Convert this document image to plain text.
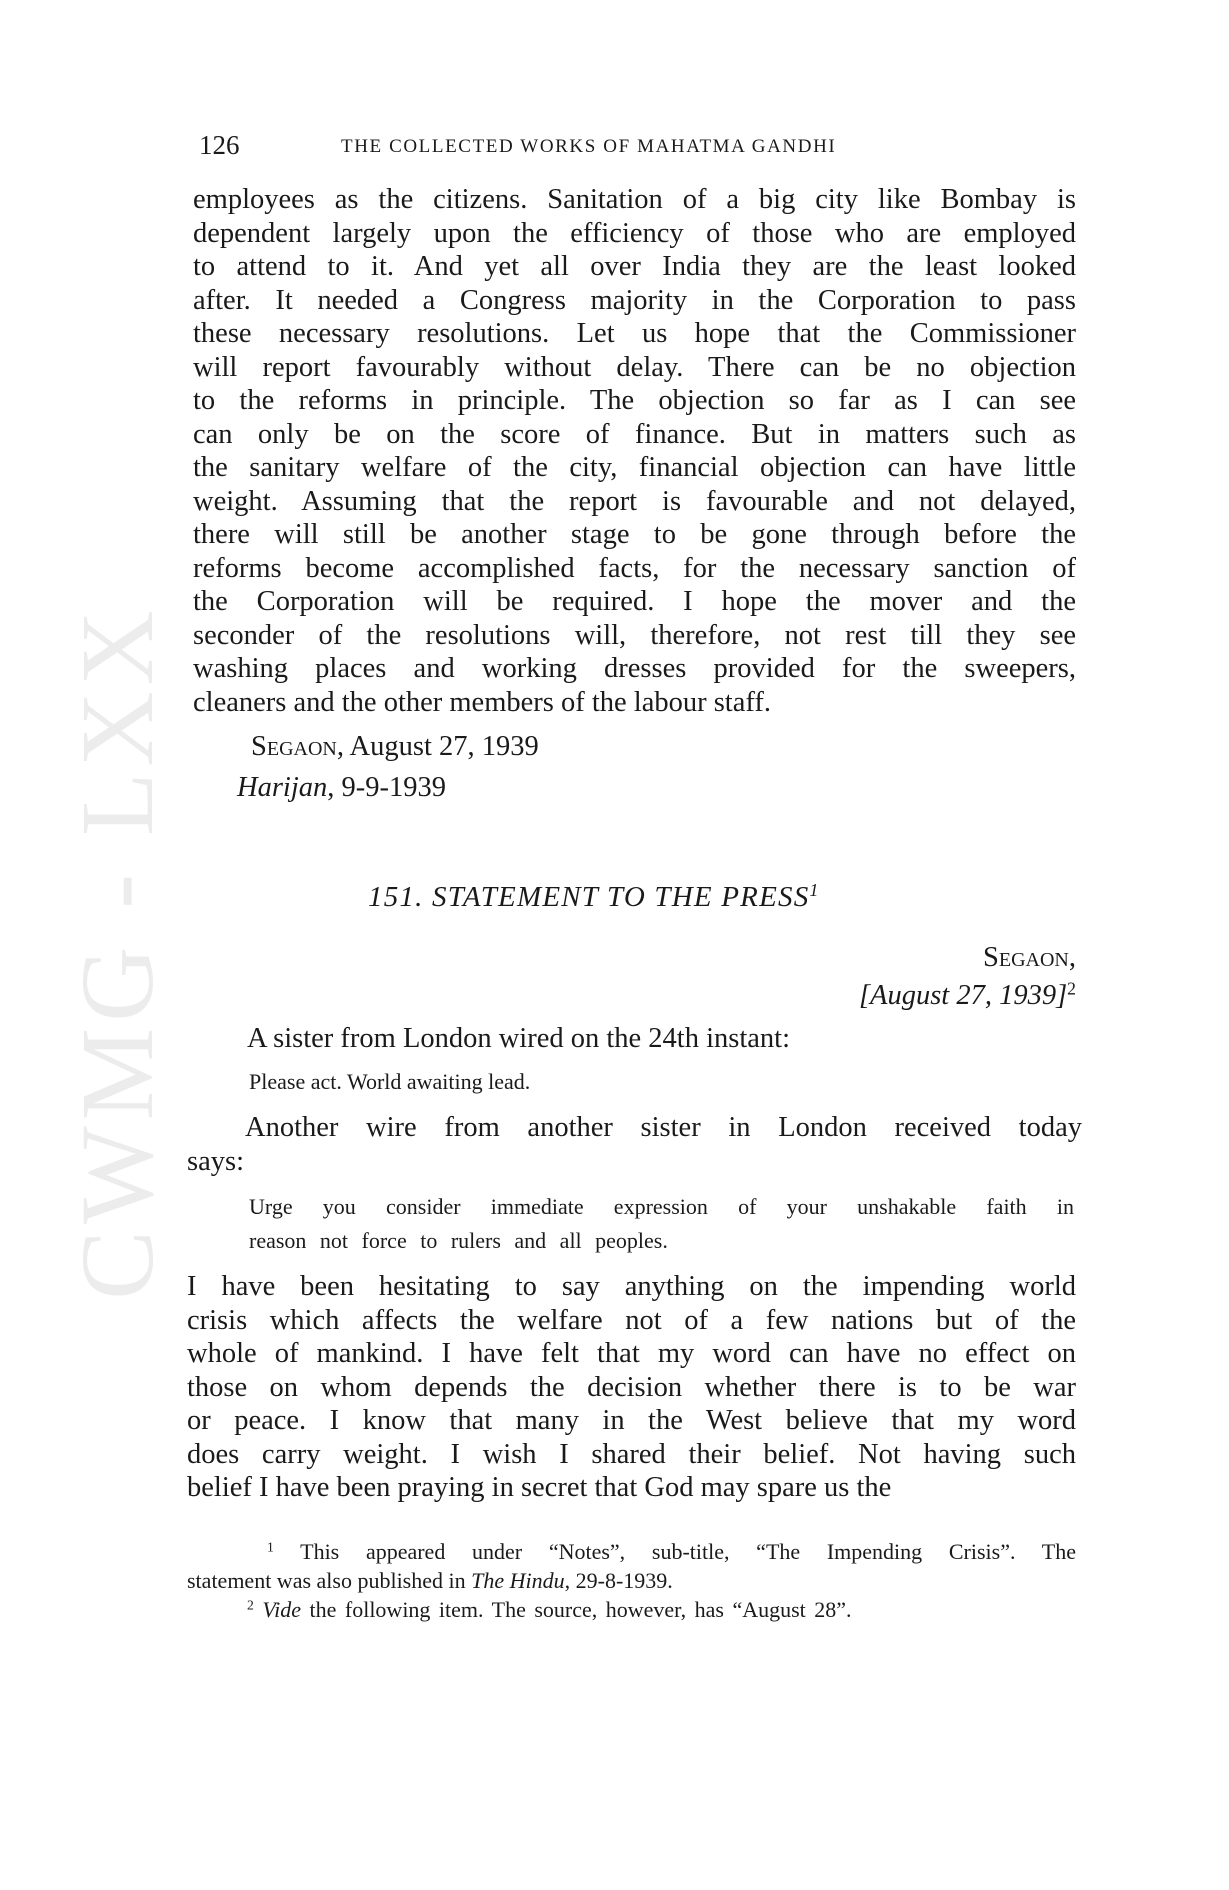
CWMG - LXX
126	THE COLLECTED WORKS OF MAHATMA GANDHI
employees as the citizens. Sanitation of a big city like Bombay is
dependent largely upon the efficiency of those who are employed
to attend to it. And yet all over India they are the least looked
after. It needed a Congress majority in the Corporation to pass
these necessary resolutions. Let us hope that the Commissioner
will report favourably without delay. There can be no objection
to the reforms in principle. The objection so far as I can see
can only be on the score of finance. But in matters such as
the sanitary welfare of the city, financial objection can have little
weight. Assuming that the report is favourable and not delayed,
there will still be another stage to be gone through before the
reforms become accomplished facts, for the necessary sanction of
the Corporation will be required. I hope the mover and the
seconder of the resolutions will, therefore, not rest till they see
washing places and working dresses provided for the sweepers,
cleaners and the other members of the labour staff.
Segaon, August 27, 1939
Harijan, 9-9-1939
151. STATEMENT TO THE PRESS$^1$
Segaon,
[August 27, 1939]$^2$
A sister from London wired on the 24th instant:
Please act. World awaiting lead.
Another wire from another sister in London received today
says:
Urge you consider immediate expression of your unshakable faith in
reason not force to rulers and all peoples.
I have been hesitating to say anything on the impending world
crisis which affects the welfare not of a few nations but of the
whole of mankind. I have felt that my word can have no effect on
those on whom depends the decision whether there is to be war
or peace. I know that many in the West believe that my word
does carry weight. I wish I shared their belief. Not having such
belief I have been praying in secret that God may spare us the
$^1$ This appeared under “Notes”, sub-title, “The Impending Crisis”. The
statement was also published in The Hindu, 29-8-1939.
$^2$ Vide the following item. The source, however, has “August 28”.
